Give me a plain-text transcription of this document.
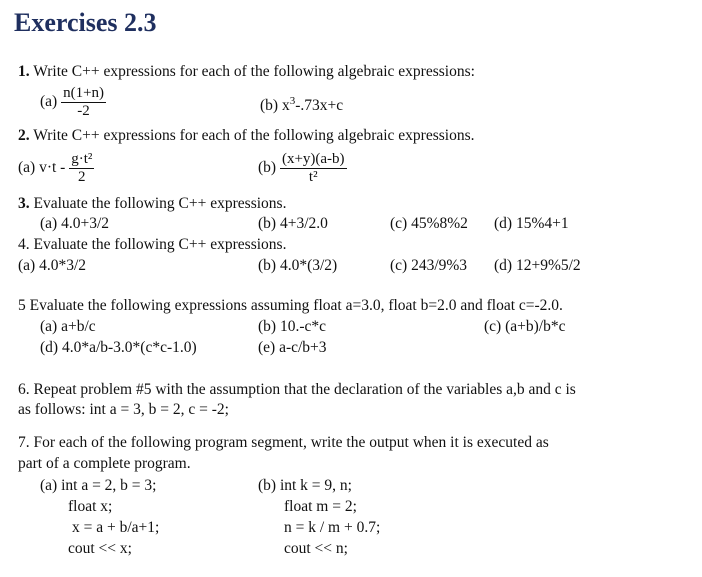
Exercises 2.3
1. Write C++ expressions for each of the following algebraic expressions:
$(a) \frac{n(1+n)}{-2}$	(b) $x^3-.73x+c$
2. Write C++ expressions for each of the following algebraic expressions.
(a) $v\cdot t - \frac{\text{g·t²}}{2}$	$(b) \frac{(x+y)(a-b)}{\text{t²}}$
3. Evaluate the following C++ expressions.
(a) 4.0+3/2	(b) 4+3/2.0	(c) 45%8%2 (d) 15%4+1
4. Evaluate the following C++ expressions.
(a) 4.0*3/2	(b) 4.0*(3/2)	(c) 243/9%3 (d) 12+9%5/2
5 Evaluate the following expressions assuming float a=3.0, float b=2.0 and float c=-2.0.
(a) a+b/c	(b) 10.-c*c	(c) (a+b)/b*c
(d) 4.0*a/b-3.0*(c*c-1.0)	(e) a-c/b+3
6. Repeat problem #5 with the assumption that the declaration of the variables a,b and c is
as follows: int a = 3, b = 2, c = -2;
7. For each of the following program segment, write the output when it is executed as
part of a complete program.
(a) int a = 2, b = 3;
float x;
x = a + b/a+1;
cout << x;
(b) int k = 9, n;
float m = 2;
n = k / m + 0.7;
cout << n;
